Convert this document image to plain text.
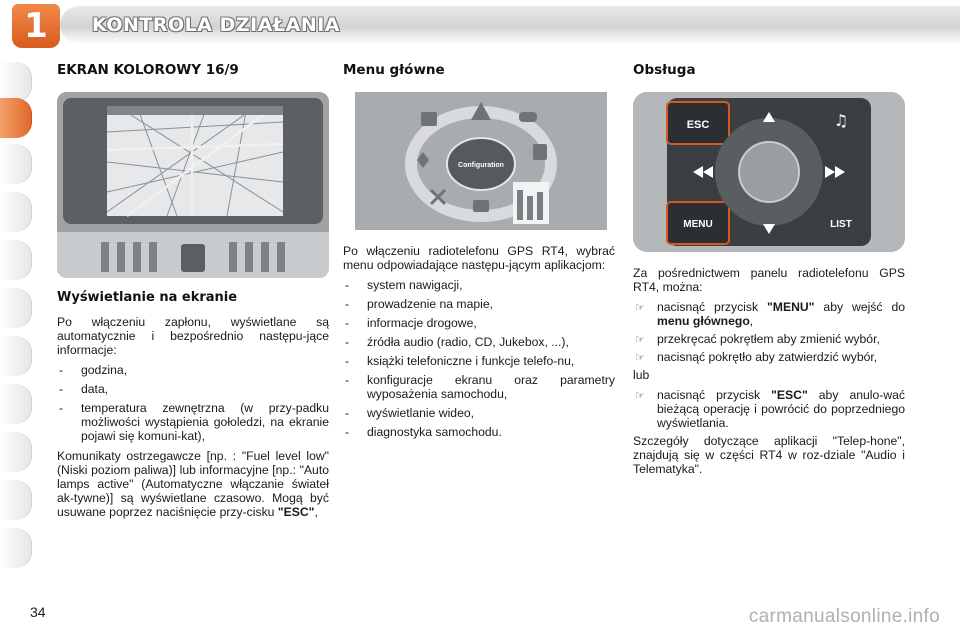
1 KONTROLA DZIAŁANIA
EKRAN KOLOROWY 16/9
Wyświetlanie na ekranie

Po włączeniu zapłonu, wyświetlane są automatycznie i bezpośrednio następu-jące informacje:

- godzina,
- data,
- temperatura zewnętrzna (w przy-padku możliwości wystąpienia gołoledzi, na ekranie pojawi się komuni-kat),

Komunikaty ostrzegawcze [np. : "Fuel level low" (Niski poziom paliwa)] lub informacyjne [np.: "Auto lamps active" (Automatyczne włączanie świateł ak-tywne)] są wyświetlane czasowo. Mogą być usuwane poprzez naciśnięcie przy-cisku "ESC",

Menu główne
Configuration

Po włączeniu radiotelefonu GPS RT4, wybrać menu odpowiadające następu-jącym aplikacjom:

- system nawigacji,
- prowadzenie na mapie,
- informacje drogowe,
- źródła audio (radio, CD, Jukebox, ...),
- książki telefoniczne i funkcje telefo-nu,
- konfiguracje ekranu oraz parametry wyposażenia samochodu,
- wyświetlanie wideo,
- diagnostyka samochodu.
Obsługa
ESC
MENU	LIST
♫

Za pośrednictwem panelu radiotelefonu GPS RT4, można:

☞ nacisnąć przycisk "MENU" aby wejść do menu głównego,
☞ przekręcać pokrętłem aby zmienić wybór,
☞ nacisnąć pokrętło aby zatwierdzić wybór,

lub

☞ nacisnąć przycisk "ESC" aby anulo-wać bieżącą operację i powrócić do poprzedniego wyświetlania.

Szczegóły dotyczące aplikacji "Telep-hone", znajdują się w części RT4 w roz-dziale "Audio i Telematyka".

34	carmanualsonline.info
